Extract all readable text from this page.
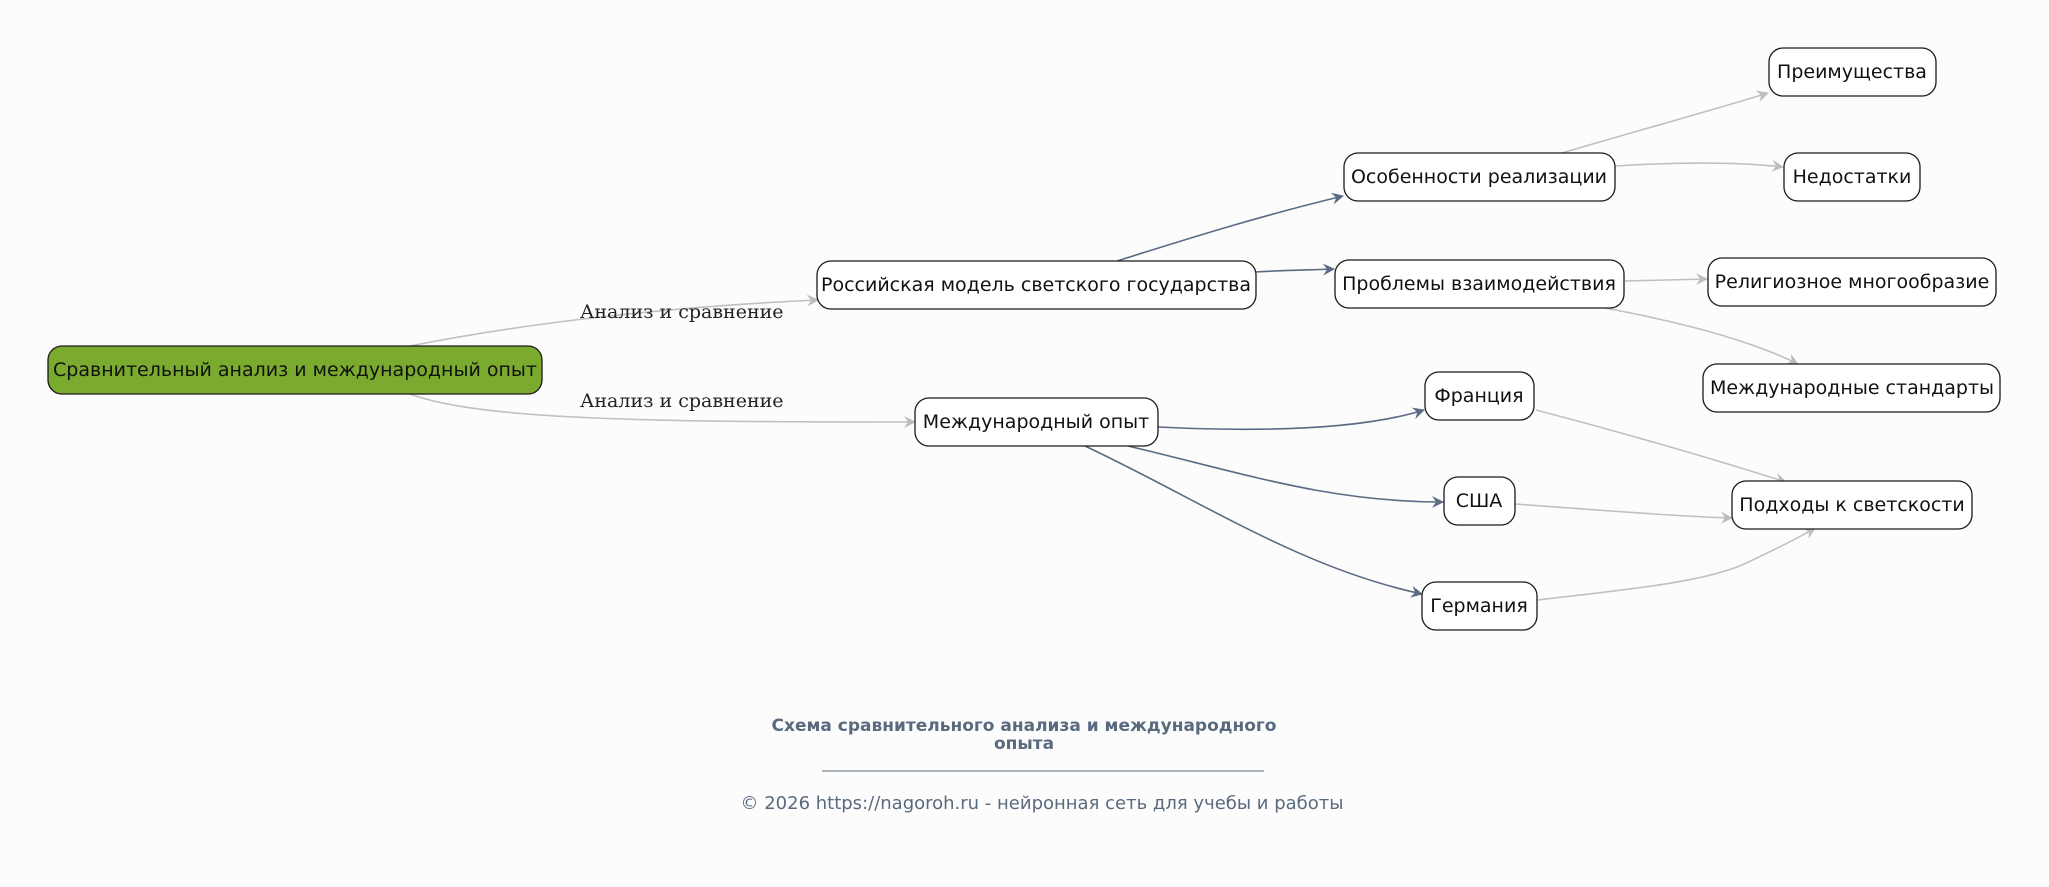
Анализ и сравнение
Анализ и сравнение
Сравнительный анализ и международный опыт
Российская модель светского государства
Международный опыт
Особенности реализации
Проблемы взаимодействия
Франция
США
Германия
Преимущества
Недостатки
Религиозное многообразие
Международные стандарты
Подходы к светскости
Схема сравнительного анализа и международного
опыта
© 2026 https://nagoroh.ru - нейронная сеть для учебы и работы
